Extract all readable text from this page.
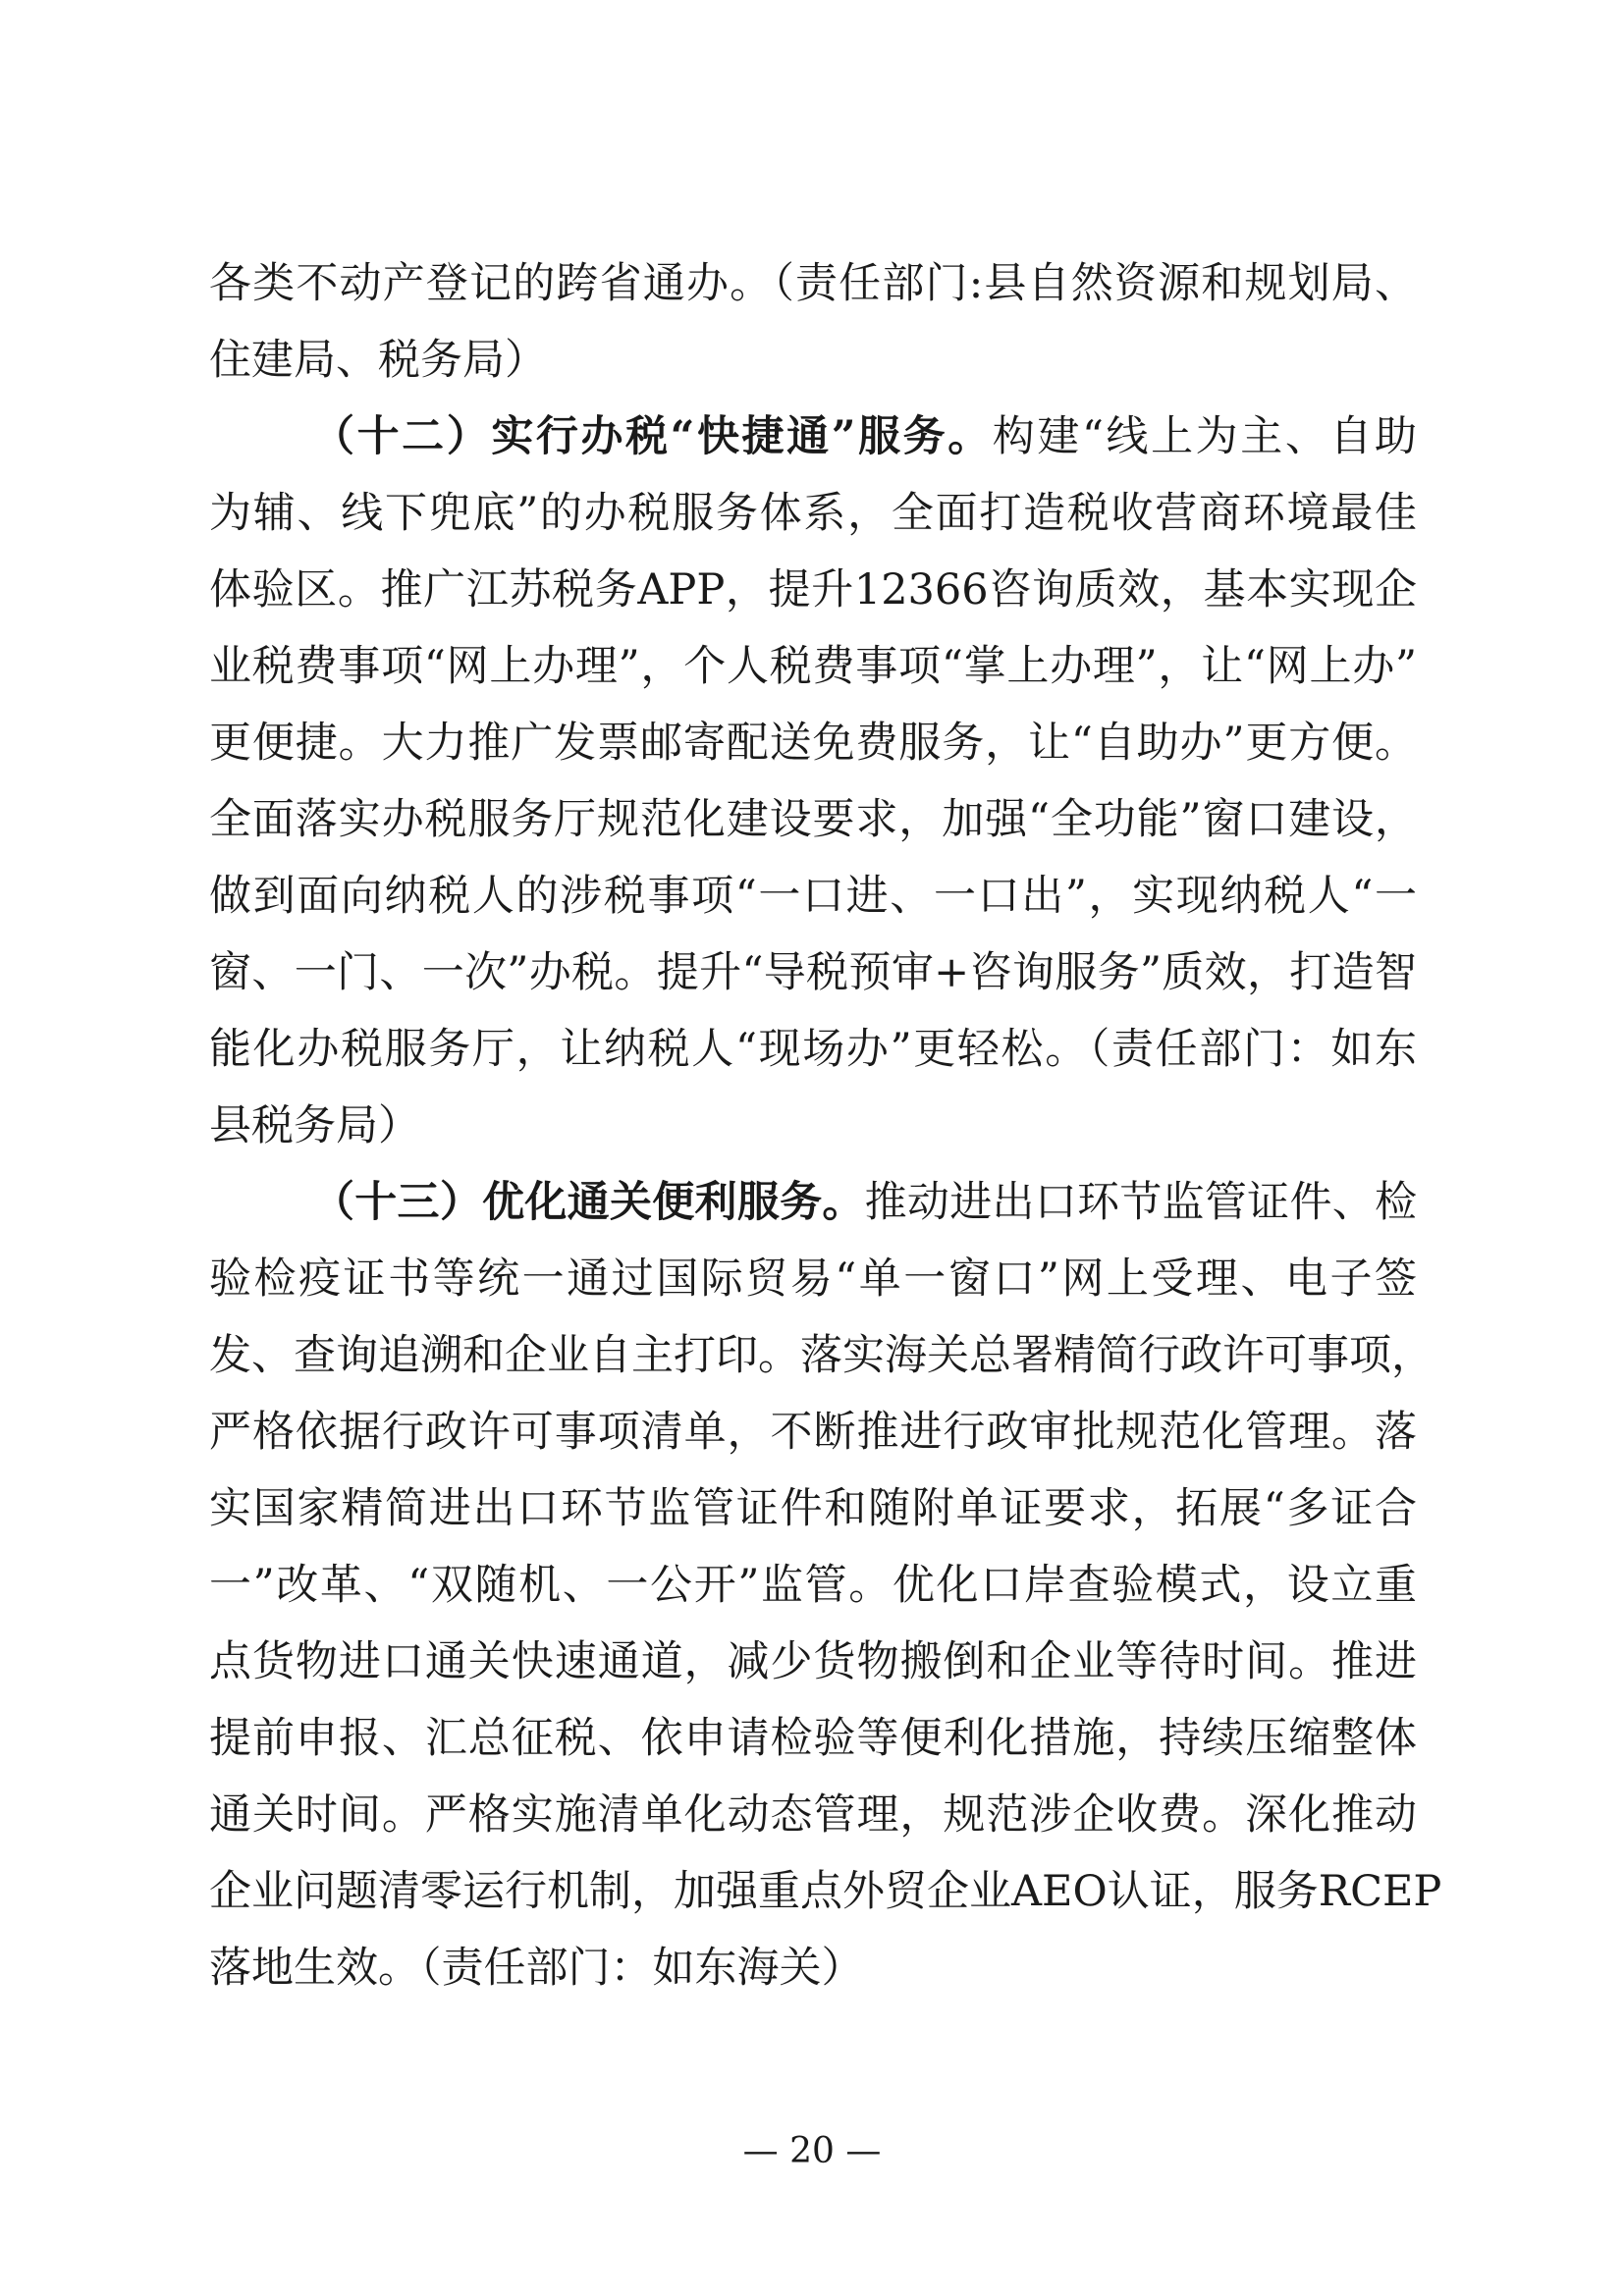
各类不动产登记的跨省通办。（责任部门:县自然资源和规划局、
住建局、税务局）
（十二）实行办税“快捷通”服务。构建“线上为主、自助
为辅、线下兜底”的办税服务体系，全面打造税收营商环境最佳
体验区。推广江苏税务APP，提升12366咨询质效，基本实现企
业税费事项“网上办理”，个人税费事项“掌上办理”，让“网上办”
更便捷。大力推广发票邮寄配送免费服务，让“自助办”更方便。
全面落实办税服务厅规范化建设要求，加强“全功能”窗口建设，
做到面向纳税人的涉税事项“一口进、一口出”，实现纳税人“一
窗、一门、一次”办税。提升“导税预审+咨询服务”质效，打造智
能化办税服务厅，让纳税人“现场办”更轻松。（责任部门：如东
县税务局）
（十三）优化通关便利服务。推动进出口环节监管证件、检
验检疫证书等统一通过国际贸易“单一窗口”网上受理、电子签
发、查询追溯和企业自主打印。落实海关总署精简行政许可事项，
严格依据行政许可事项清单，不断推进行政审批规范化管理。落
实国家精简进出口环节监管证件和随附单证要求，拓展“多证合
一”改革、“双随机、一公开”监管。优化口岸查验模式，设立重
点货物进口通关快速通道，减少货物搬倒和企业等待时间。推进
提前申报、汇总征税、依申请检验等便利化措施，持续压缩整体
通关时间。严格实施清单化动态管理，规范涉企收费。深化推动
企业问题清零运行机制，加强重点外贸企业AEO认证，服务RCEP
落地生效。（责任部门：如东海关）
— 20 —
